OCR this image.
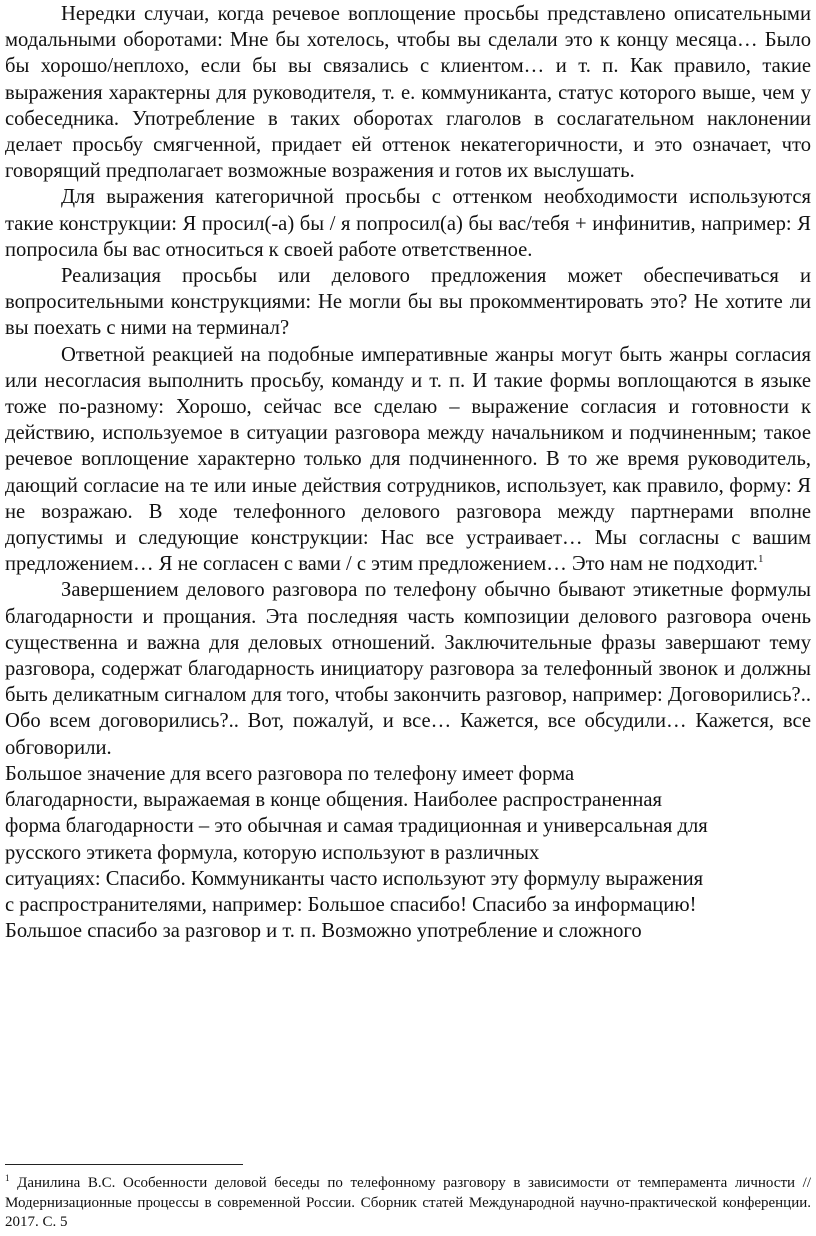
Нередки случаи, когда речевое воплощение просьбы представлено описательными модальными оборотами: Мне бы хотелось, чтобы вы сделали это к концу месяца… Было бы хорошо/неплохо, если бы вы связались с клиентом… и т. п. Как правило, такие выражения характерны для руководителя, т. е. коммуниканта, статус которого выше, чем у собеседника. Употребление в таких оборотах глаголов в сослагательном наклонении делает просьбу смягченной, придает ей оттенок некатегоричности, и это означает, что говорящий предполагает возможные возражения и готов их выслушать.

Для выражения категоричной просьбы с оттенком необходимости используются такие конструкции: Я просил(-а) бы / я попросил(а) бы вас/тебя + инфинитив, например: Я попросила бы вас относиться к своей работе ответственное.

Реализация просьбы или делового предложения может обеспечиваться и вопросительными конструкциями: Не могли бы вы прокомментировать это? Не хотите ли вы поехать с ними на терминал?

Ответной реакцией на подобные императивные жанры могут быть жанры согласия или несогласия выполнить просьбу, команду и т. п. И такие формы воплощаются в языке тоже по-разному: Хорошо, сейчас все сделаю – выражение согласия и готовности к действию, используемое в ситуации разговора между начальником и подчиненным; такое речевое воплощение характерно только для подчиненного. В то же время руководитель, дающий согласие на те или иные действия сотрудников, использует, как правило, форму: Я не возражаю. В ходе телефонного делового разговора между партнерами вполне допустимы и следующие конструкции: Нас все устраивает… Мы согласны с вашим предложением… Я не согласен с вами / с этим предложением… Это нам не подходит.$^1$

Завершением делового разговора по телефону обычно бывают этикетные формулы благодарности и прощания. Эта последняя часть композиции делового разговора очень существенна и важна для деловых отношений. Заключительные фразы завершают тему разговора, содержат благодарность инициатору разговора за телефонный звонок и должны быть деликатным сигналом для того, чтобы закончить разговор, например: Договорились?.. Обо всем договорились?.. Вот, пожалуй, и все… Кажется, все обсудили… Кажется, все обговорили.

Большое значение для всего разговора по телефону имеет форма
благодарности, выражаемая в конце общения. Наиболее распространенная
форма благодарности – это обычная и самая традиционная и универсальная для
русского этикета формула, которую используют в различных
ситуациях: Спасибо. Коммуниканты часто используют эту формулу выражения
с распространителями, например: Большое спасибо! Спасибо за информацию!
Большое спасибо за разговор и т. п. Возможно употребление и сложного

$^1$ Данилина В.С. Особенности деловой беседы по телефонному разговору в зависимости от темперамента личности // Модернизационные процессы в современной России. Сборник статей Международной научно-практической конференции. 2017. С. 5
